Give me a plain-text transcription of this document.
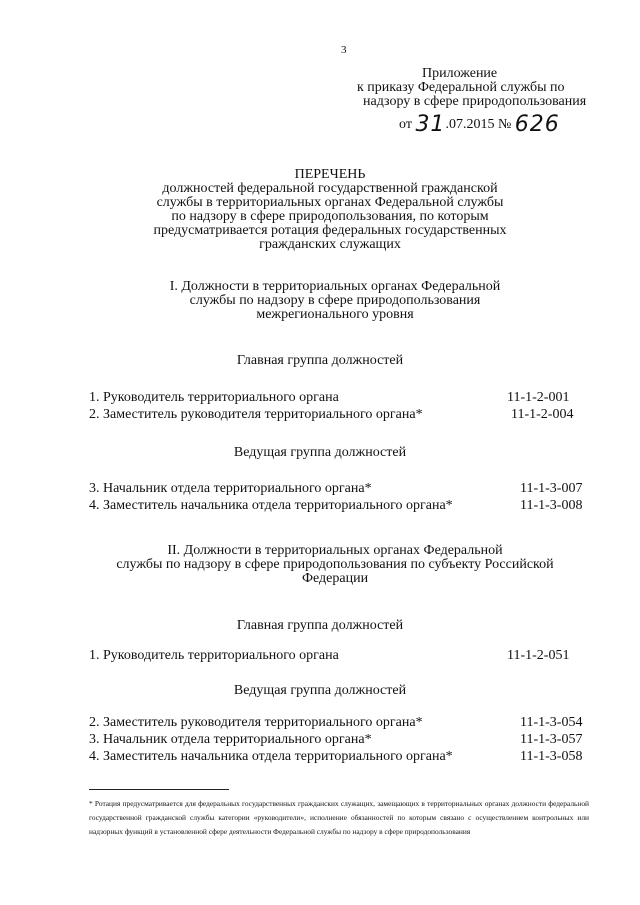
3
Приложение
к приказу Федеральной службы по
надзору в сфере природопользования
от 31.07.2015 № 626
ПЕРЕЧЕНЬ
должностей федеральной государственной гражданской
службы в территориальных органах Федеральной службы
по надзору в сфере природопользования, по которым
предусматривается ротация федеральных государственных
гражданских служащих
I. Должности в территориальных органах Федеральной
службы по надзору в сфере природопользования
межрегионального уровня
Главная группа должностей
1. Руководитель территориального органа	11-1-2-001
2. Заместитель руководителя территориального органа*	11-1-2-004
Ведущая группа должностей
3. Начальник отдела территориального органа*	11-1-3-007
4. Заместитель начальника отдела территориального органа*	11-1-3-008
II. Должности в территориальных органах Федеральной
службы по надзору в сфере природопользования по субъекту Российской
Федерации
Главная группа должностей
1. Руководитель территориального органа	11-1-2-051
Ведущая группа должностей
2. Заместитель руководителя территориального органа*	11-1-3-054
3. Начальник отдела территориального органа*	11-1-3-057
4. Заместитель начальника отдела территориального органа*	11-1-3-058
* Ротация предусматривается для федеральных государственных гражданских служащих, замещающих в территориальных органах должности федеральной государственной гражданской службы категории «руководители», исполнение обязанностей по которым связано с осуществлением контрольных или надзорных функций в установленной сфере деятельности Федеральной службы по надзору в сфере природопользования
